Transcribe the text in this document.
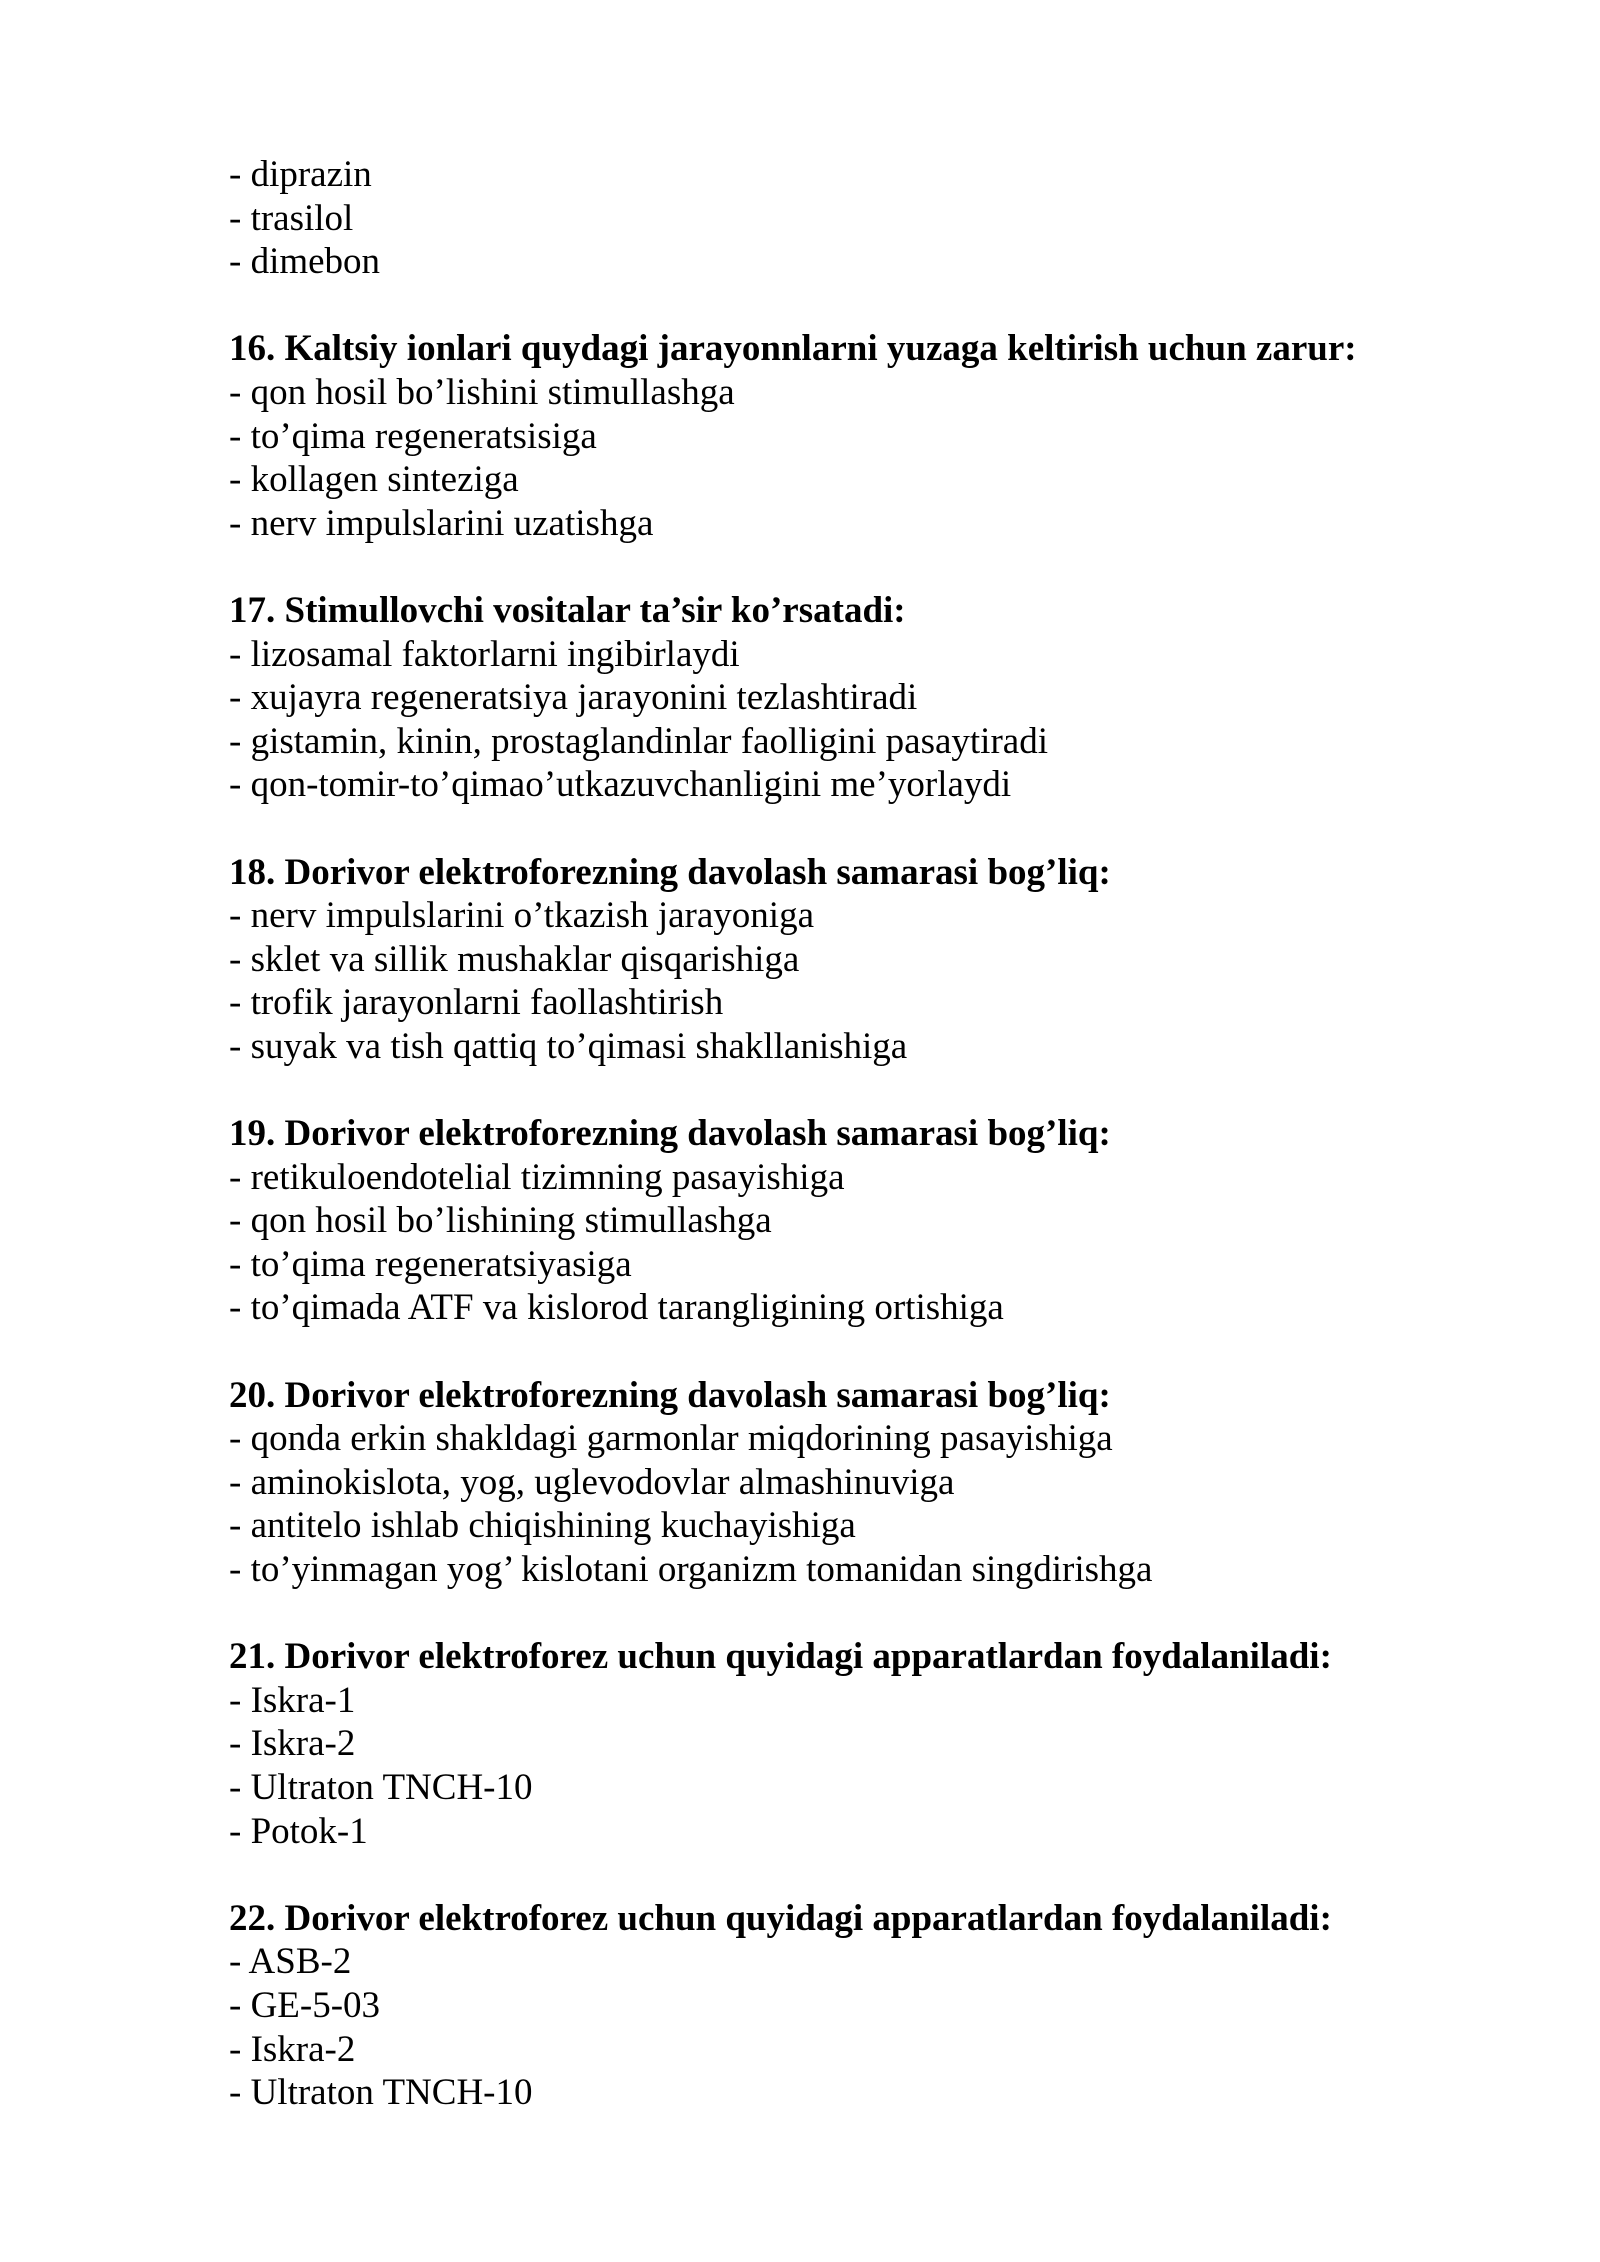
- diprazin
- trasilol
- dimebon
16. Kaltsiy ionlari quydagi jarayonnlarni yuzaga keltirish uchun zarur:
- qon hosil bo’lishini stimullashga
- to’qima regeneratsisiga
- kollagen sinteziga
- nerv impulslarini uzatishga
17. Stimullovchi vositalar ta’sir ko’rsatadi:
- lizosamal faktorlarni ingibirlaydi
- xujayra regeneratsiya jarayonini tezlashtiradi
- gistamin, kinin, prostaglandinlar faolligini pasaytiradi
- qon-tomir-to’qimao’utkazuvchanligini me’yorlaydi
18. Dorivor elektroforezning davolash samarasi bog’liq:
- nerv impulslarini o’tkazish jarayoniga
- sklet va sillik mushaklar qisqarishiga
- trofik jarayonlarni faollashtirish
- suyak va tish qattiq to’qimasi shakllanishiga
19. Dorivor elektroforezning davolash samarasi bog’liq:
- retikuloendotelial tizimning pasayishiga
- qon hosil bo’lishining stimullashga
- to’qima regeneratsiyasiga
- to’qimada ATF va kislorod tarangligining ortishiga
20. Dorivor elektroforezning davolash samarasi bog’liq:
- qonda erkin shakldagi garmonlar miqdorining pasayishiga
- aminokislota, yog, uglevodovlar almashinuviga
- antitelo ishlab chiqishining kuchayishiga
- to’yinmagan yog’ kislotani organizm tomanidan singdirishga
21. Dorivor elektroforez uchun quyidagi apparatlardan foydalaniladi:
- Iskra-1
- Iskra-2
- Ultraton TNCH-10
- Potok-1
22. Dorivor elektroforez uchun quyidagi apparatlardan foydalaniladi:
- ASB-2
- GE-5-03
- Iskra-2
- Ultraton TNCH-10
